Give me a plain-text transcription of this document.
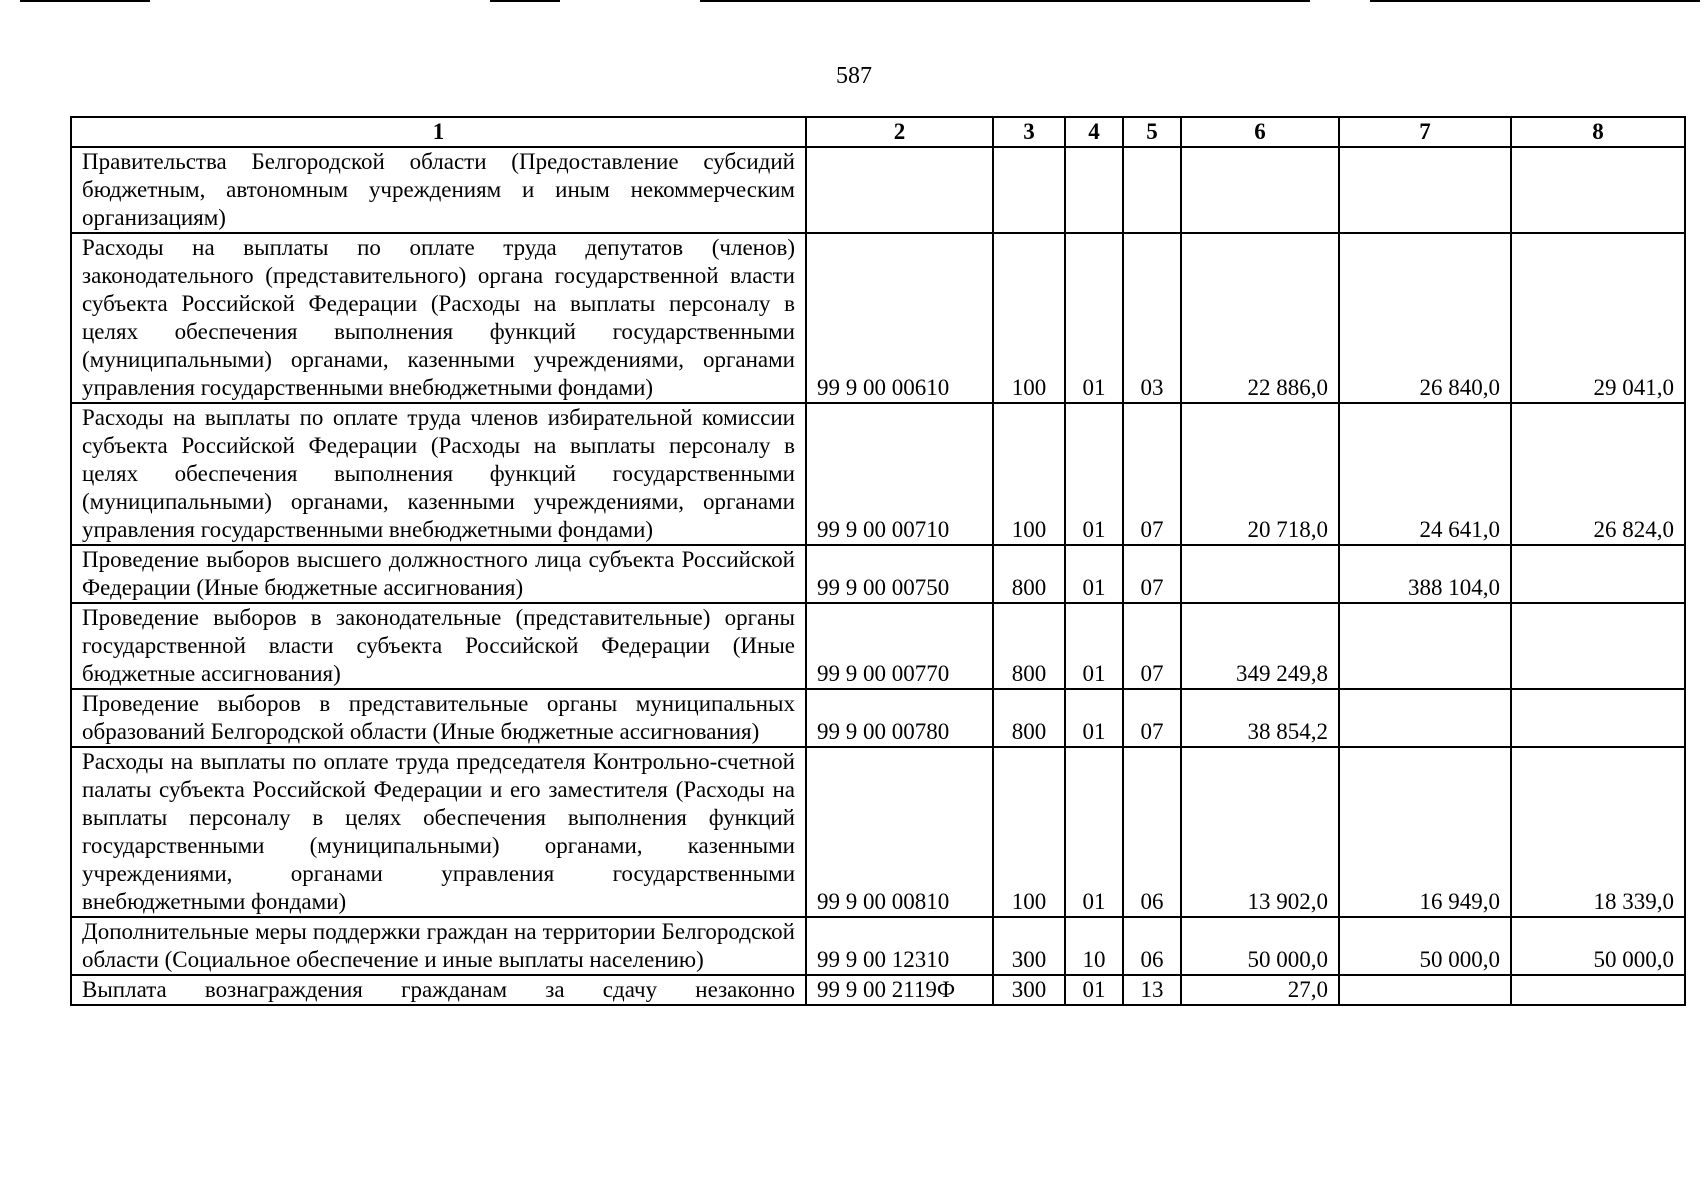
587
1	2	3	4	5	6	7	8
Правительства Белгородской области (Предоставление субсидий бюджетным, автономным учреждениям и иным некоммерческим организациям)							
Расходы на выплаты по оплате труда депутатов (членов) законодательного (представительного) органа государственной власти субъекта Российской Федерации (Расходы на выплаты персоналу в целях обеспечения выполнения функций государственными (муниципальными) органами, казенными учреждениями, органами управления государственными внебюджетными фондами)	99 9 00 00610	100	01	03	22 886,0	26 840,0	29 041,0
Расходы на выплаты по оплате труда членов избирательной комиссии субъекта Российской Федерации (Расходы на выплаты персоналу в целях обеспечения выполнения функций государственными (муниципальными) органами, казенными учреждениями, органами управления государственными внебюджетными фондами)	99 9 00 00710	100	01	07	20 718,0	24 641,0	26 824,0
Проведение выборов высшего должностного лица субъекта Российской Федерации (Иные бюджетные ассигнования)	99 9 00 00750	800	01	07		388 104,0	
Проведение выборов в законодательные (представительные) органы государственной власти субъекта Российской Федерации (Иные бюджетные ассигнования)	99 9 00 00770	800	01	07	349 249,8		
Проведение выборов в представительные органы муниципальных образований Белгородской области (Иные бюджетные ассигнования)	99 9 00 00780	800	01	07	38 854,2		
Расходы на выплаты по оплате труда председателя Контрольно-счетной палаты субъекта Российской Федерации и его заместителя (Расходы на выплаты персоналу в целях обеспечения выполнения функций государственными (муниципальными) органами, казенными учреждениями, органами управления государственными внебюджетными фондами)	99 9 00 00810	100	01	06	13 902,0	16 949,0	18 339,0
Дополнительные меры поддержки граждан на территории Белгородской области (Социальное обеспечение и иные выплаты населению)	99 9 00 12310	300	10	06	50 000,0	50 000,0	50 000,0
Выплата вознаграждения гражданам за сдачу незаконно	99 9 00 2119Ф	300	01	13	27,0		
